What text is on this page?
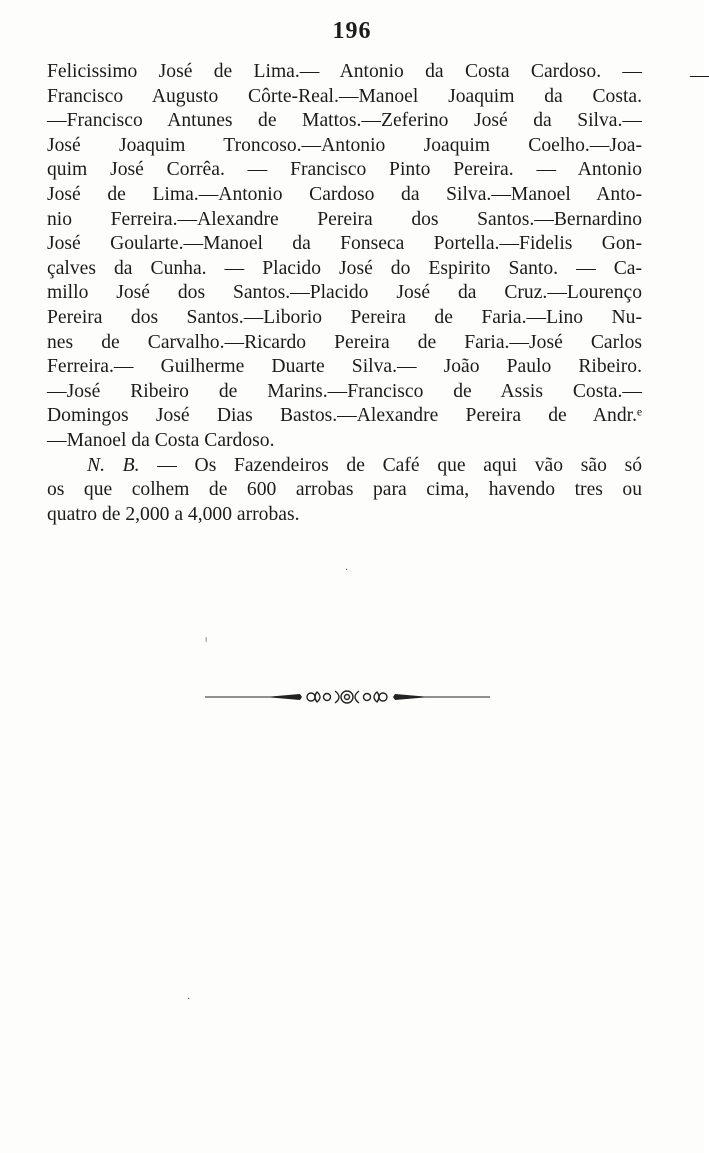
196
—
Felicissimo José de Lima.— Antonio da Costa Cardoso. —
Francisco Augusto Côrte-Real.—Manoel Joaquim da Costa.
—Francisco Antunes de Mattos.—Zeferino José da Silva.—
José Joaquim Troncoso.—Antonio Joaquim Coelho.—Joa-
quim José Corrêa. — Francisco Pinto Pereira. — Antonio
José de Lima.—Antonio Cardoso da Silva.—Manoel Anto-
nio Ferreira.—Alexandre Pereira dos Santos.—Bernardino
José Goularte.—Manoel da Fonseca Portella.—Fidelis Gon-
çalves da Cunha. — Placido José do Espirito Santo. — Ca-
millo José dos Santos.—Placido José da Cruz.—Lourenço
Pereira dos Santos.—Liborio Pereira de Faria.—Lino Nu-
nes de Carvalho.—Ricardo Pereira de Faria.—José Carlos
Ferreira.— Guilherme Duarte Silva.— João Paulo Ribeiro.
—José Ribeiro de Marins.—Francisco de Assis Costa.—
Domingos José Dias Bastos.—Alexandre Pereira de Andr.ᵉ
—Manoel da Costa Cardoso.
N. B. — Os Fazendeiros de Café que aqui vão são só
os que colhem de 600 arrobas para cima, havendo tres ou
quatro de 2,000 a 4,000 arrobas.
·
ᶦ
·
